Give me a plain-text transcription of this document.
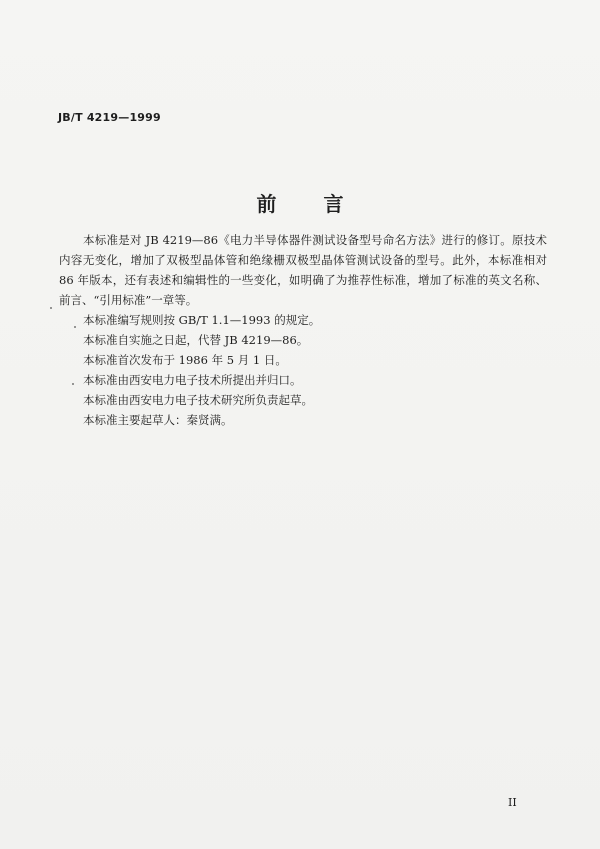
JB/T 4219—1999
前 言

本标准是对 JB 4219—86《电力半导体器件测试设备型号命名方法》进行的修订。原技术内容无变化，增加了双极型晶体管和绝缘栅双极型晶体管测试设备的型号。此外，本标准相对 86 年版本，还有表述和编辑性的一些变化，如明确了为推荐性标准，增加了标准的英文名称、前言、“引用标准”一章等。

本标准编写规则按 GB/T 1.1—1993 的规定。

本标准自实施之日起，代替 JB 4219—86。

本标准首次发布于 1986 年 5 月 1 日。

本标准由西安电力电子技术所提出并归口。

本标准由西安电力电子技术研究所负责起草。

本标准主要起草人：秦贤满。

II
